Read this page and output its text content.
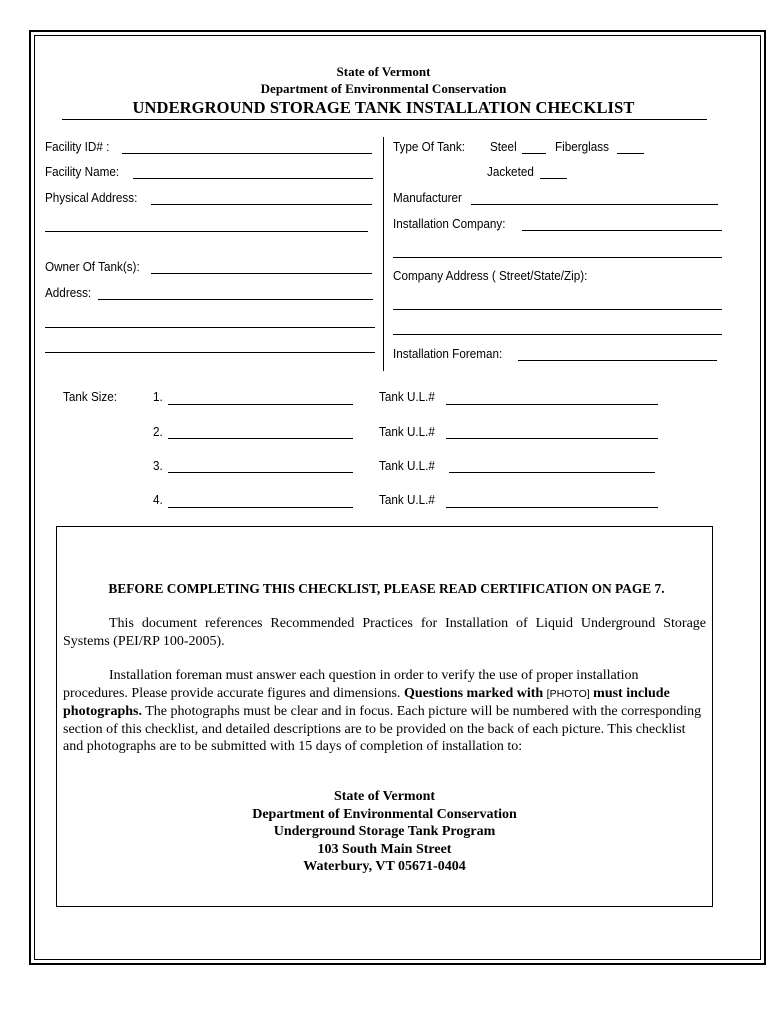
State of Vermont
Department of Environmental Conservation
UNDERGROUND STORAGE TANK INSTALLATION CHECKLIST
Facility ID# :
Facility Name:
Physical Address:
Owner Of Tank(s):
Address:
Type Of Tank: Steel	Fiberglass
Jacketed
Manufacturer
Installation Company:
Company Address ( Street/State/Zip):
Installation Foreman:
Tank Size:	1.	Tank U.L.#
2.	Tank U.L.#
3.	Tank U.L.#
4.	Tank U.L.#
BEFORE COMPLETING THIS CHECKLIST, PLEASE READ CERTIFICATION ON PAGE 7.
This document references Recommended Practices for Installation of Liquid Underground Storage Systems (PEI/RP 100-2005).
Installation foreman must answer each question in order to verify the use of proper installation procedures. Please provide accurate figures and dimensions. Questions marked with [PHOTO] must include photographs. The photographs must be clear and in focus. Each picture will be numbered with the corresponding section of this checklist, and detailed descriptions are to be provided on the back of each picture. This checklist and photographs are to be submitted with 15 days of completion of installation to:
State of Vermont
Department of Environmental Conservation
Underground Storage Tank Program
103 South Main Street
Waterbury, VT 05671-0404
